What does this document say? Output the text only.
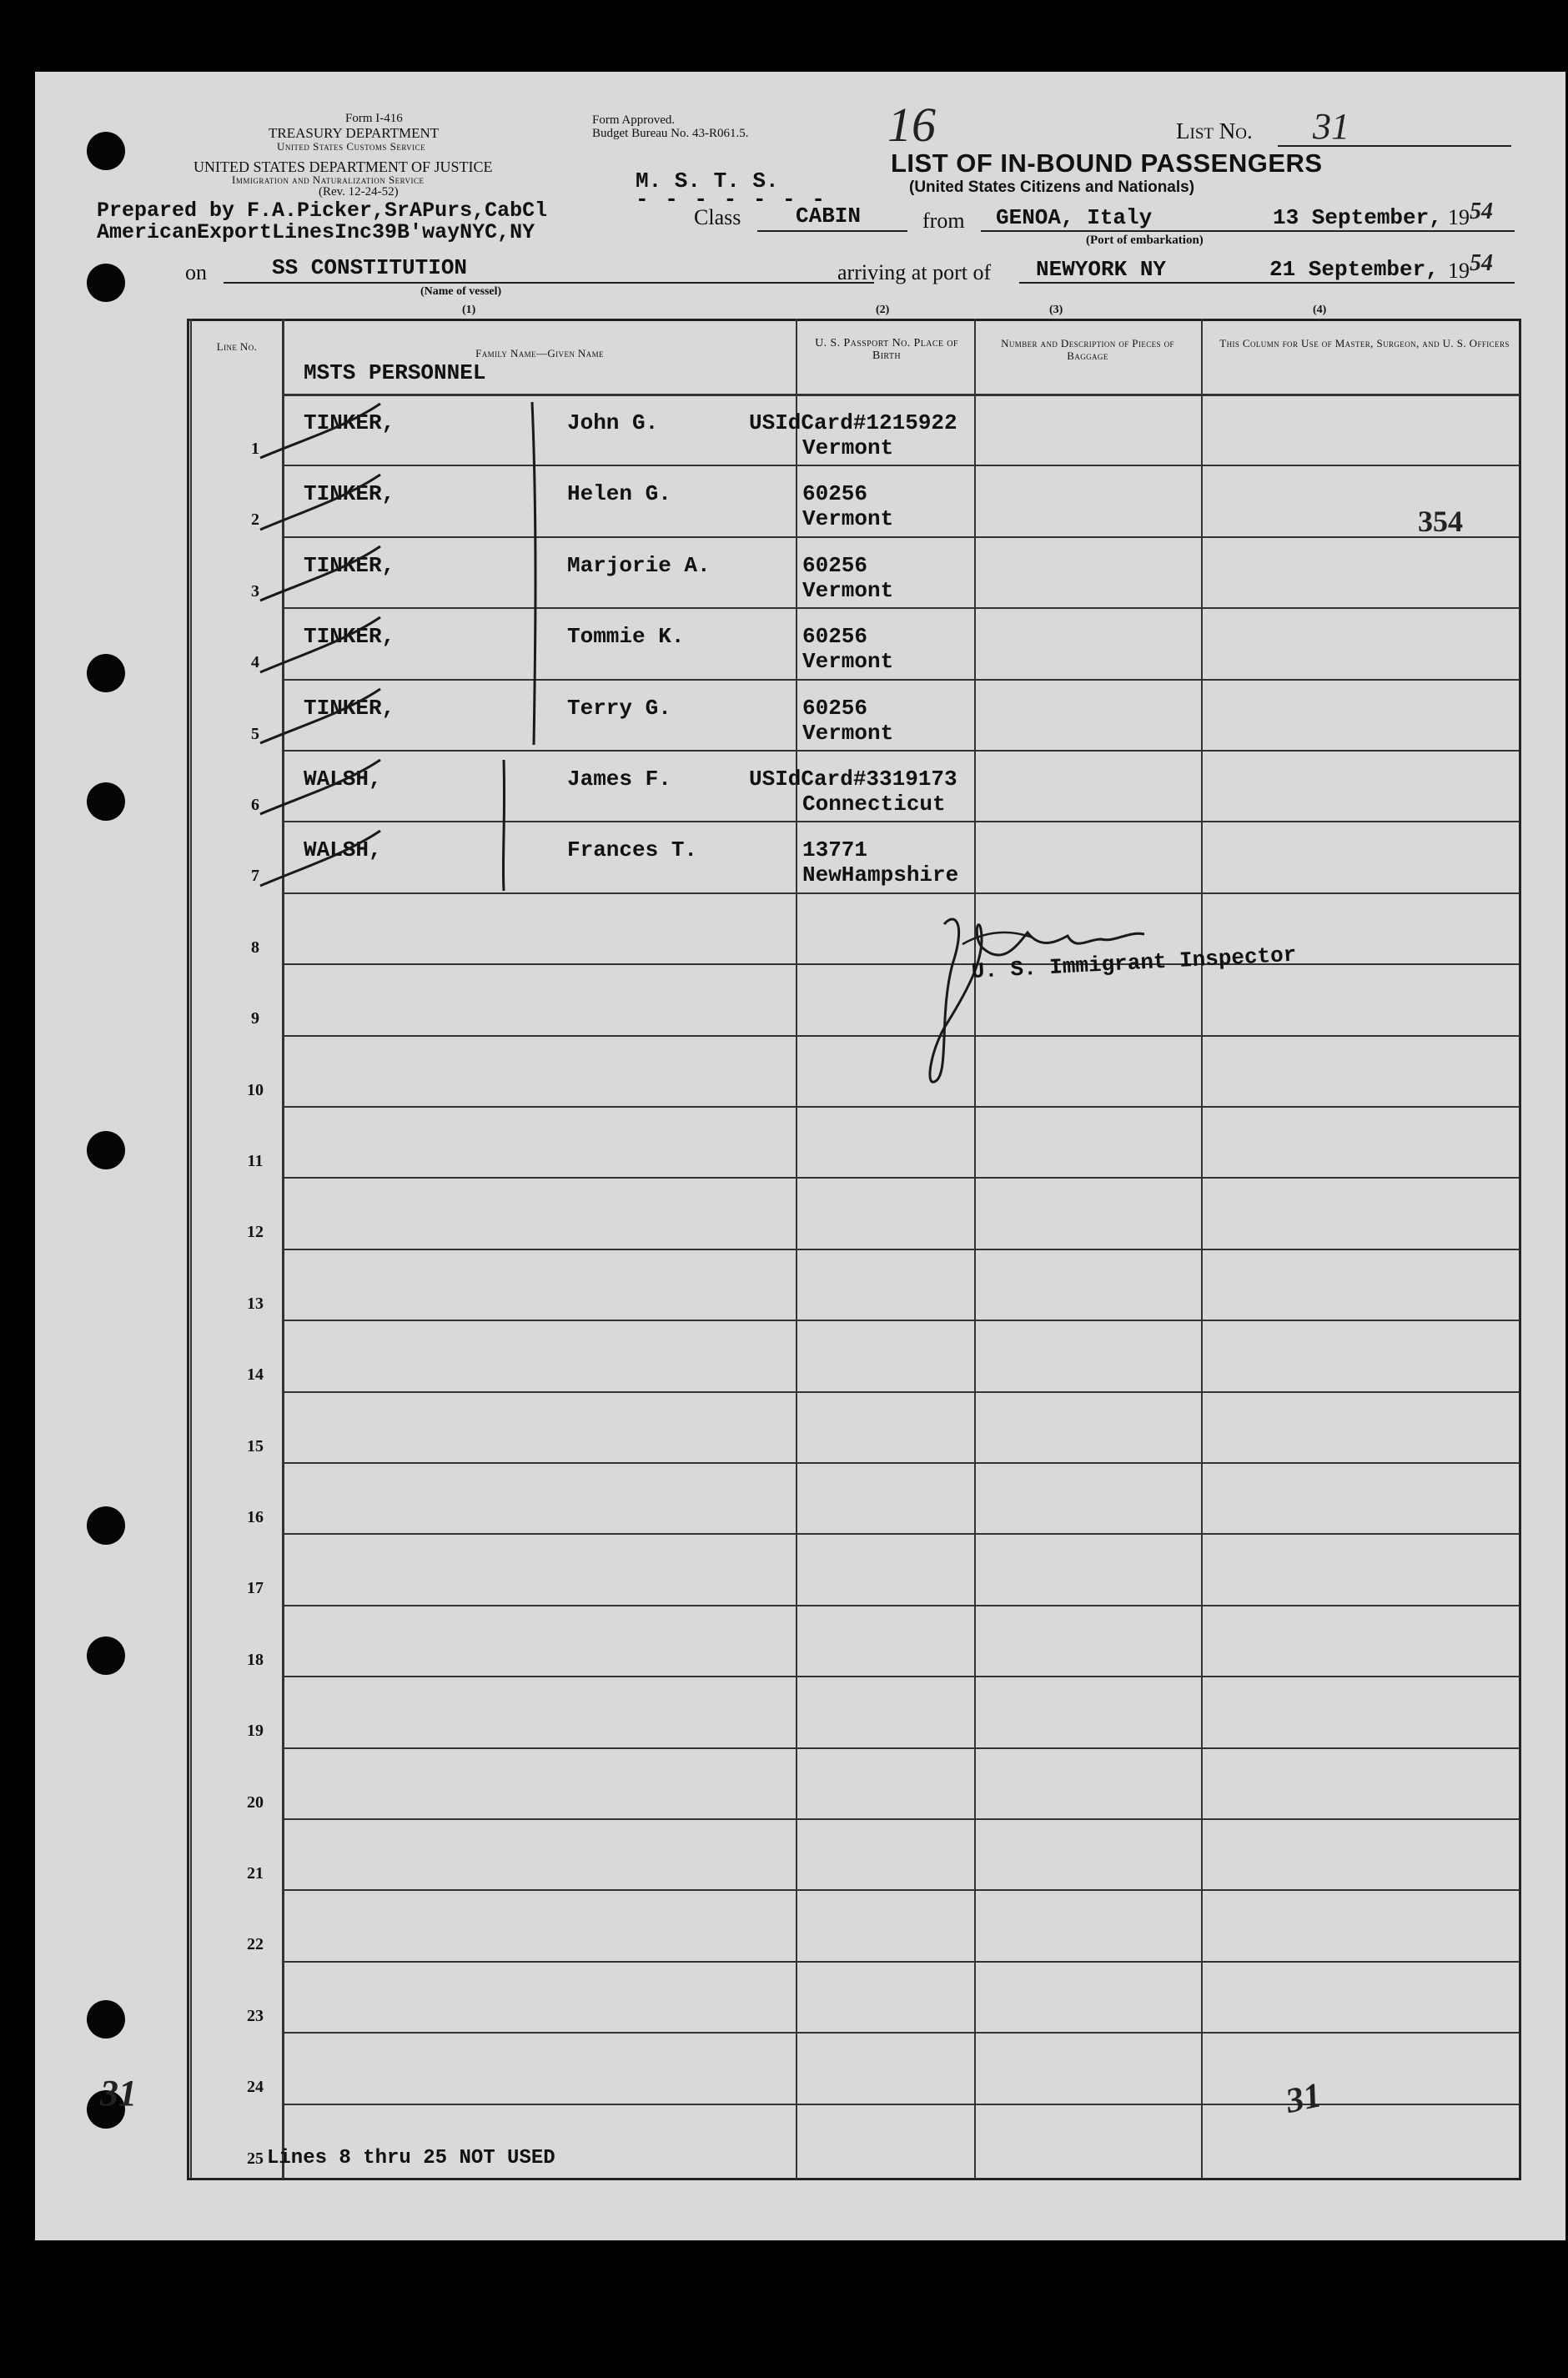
Form I-416
TREASURY DEPARTMENT
United States Customs Service
UNITED STATES DEPARTMENT OF JUSTICE
Immigration and Naturalization Service
(Rev. 12-24-52)
Form Approved.
Budget Bureau No. 43-R061.5.	16	List No. 31
LIST OF IN-BOUND PASSENGERS
(United States Citizens and Nationals)
Prepared by F.A.Picker,SrAPurs,CabCl
AmericanExportLinesInc39B'wayNYC,NY
M. S. T. S.
- - - - - - -
Class	CABIN	from GENOA, Italy	13 September, 19 54
(Port of embarkation)
on	SS CONSTITUTION
(Name of vessel)
(1)
arriving at port of NEWYORK NY	21 September, 19 54
(2)	(3)	(4)
Line No.
Family Name—Given Name
U. S. Passport No. Place of Birth
Number and Description of Pieces of Baggage
This Column for Use of Master, Surgeon, and U. S. Officers
MSTS PERSONNEL
1
TINKER,	John G.	USIdCard#1215922
Vermont
2
TINKER,	Helen G.	60256
Vermont
3
TINKER,	Marjorie A.	60256
Vermont
4
TINKER,	Tommie K.	60256
Vermont
5
TINKER,	Terry G.	60256
Vermont
6
WALSH,	James F.	USIdCard#3319173
Connecticut
7
WALSH,	Frances T.	13771
NewHampshire
8
9
10
11
12
13
14
15
16
17
18
19
20
21
22
23
24
25
354
U. S. Immigrant Inspector
Lines 8 thru 25 NOT USED
31	31
